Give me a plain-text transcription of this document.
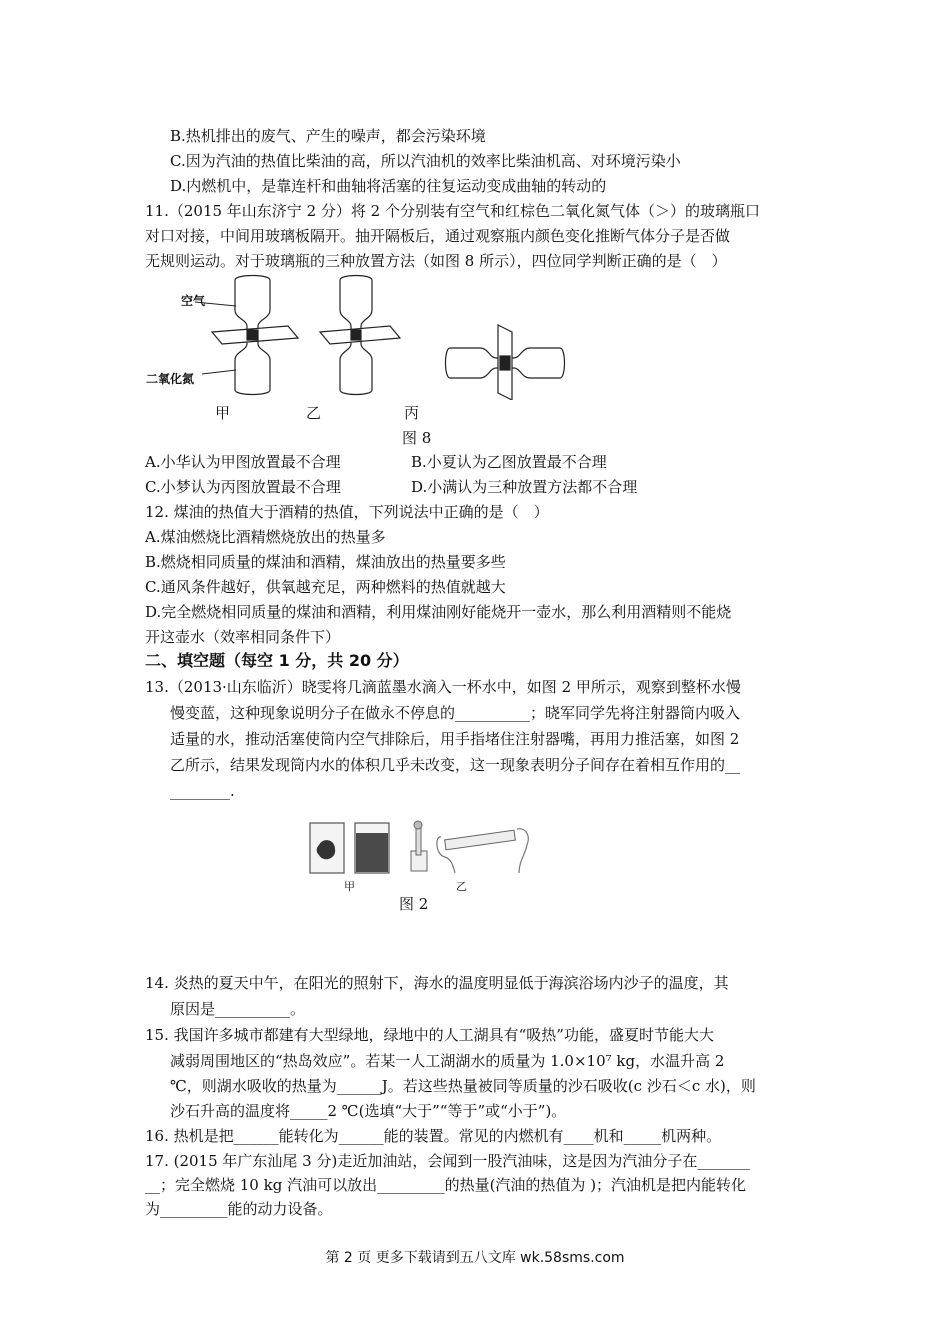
B.热机排出的废气、产生的噪声，都会污染环境
C.因为汽油的热值比柴油的高，所以汽油机的效率比柴油机高、对环境污染小
D.内燃机中，是靠连杆和曲轴将活塞的往复运动变成曲轴的转动的
11.（2015 年山东济宁 2 分）将 2 个分别装有空气和红棕色二氧化氮气体（＞）的玻璃瓶口
对口对接，中间用玻璃板隔开。抽开隔板后，通过观察瓶内颜色变化推断气体分子是否做
无规则运动。对于玻璃瓶的三种放置方法（如图 8 所示），四位同学判断正确的是（　）
空气
二氧化氮
甲	乙	丙
图 8
A.小华认为甲图放置最不合理	B.小夏认为乙图放置最不合理
C.小梦认为丙图放置最不合理	D.小满认为三种放置方法都不合理
12. 煤油的热值大于酒精的热值，下列说法中正确的是（　）
A.煤油燃烧比酒精燃烧放出的热量多
B.燃烧相同质量的煤油和酒精，煤油放出的热量要多些
C.通风条件越好，供氧越充足，两种燃料的热值就越大
D.完全燃烧相同质量的煤油和酒精，利用煤油刚好能烧开一壶水，那么利用酒精则不能烧
开这壶水（效率相同条件下）
二、填空题（每空 1 分，共 20 分）
13.（2013·山东临沂）晓雯将几滴蓝墨水滴入一杯水中，如图 2 甲所示，观察到整杯水慢
慢变蓝，这种现象说明分子在做永不停息的__________；晓军同学先将注射器筒内吸入
适量的水，推动活塞使筒内空气排除后，用手指堵住注射器嘴，再用力推活塞，如图 2
乙所示，结果发现筒内水的体积几乎未改变，这一现象表明分子间存在着相互作用的__
________.
甲	乙
图 2
14. 炎热的夏天中午，在阳光的照射下，海水的温度明显低于海滨浴场内沙子的温度，其
原因是__________。
15. 我国许多城市都建有大型绿地，绿地中的人工湖具有“吸热”功能，盛夏时节能大大
减弱周围地区的“热岛效应”。若某一人工湖湖水的质量为 1.0×10⁷ kg，水温升高 2
℃，则湖水吸收的热量为______J。若这些热量被同等质量的沙石吸收(c 沙石＜c 水)，则
沙石升高的温度将_____2 ℃(选填“大于”“等于”或“小于”)。
16. 热机是把______能转化为______能的装置。常见的内燃机有____机和_____机两种。
17. (2015 年广东汕尾 3 分)走近加油站，会闻到一股汽油味，这是因为汽油分子在_______
__；完全燃烧 10 kg 汽油可以放出_________的热量(汽油的热值为 )；汽油机是把内能转化
为_________能的动力设备。
第 2 页 更多下载请到五八文库 wk.58sms.com
